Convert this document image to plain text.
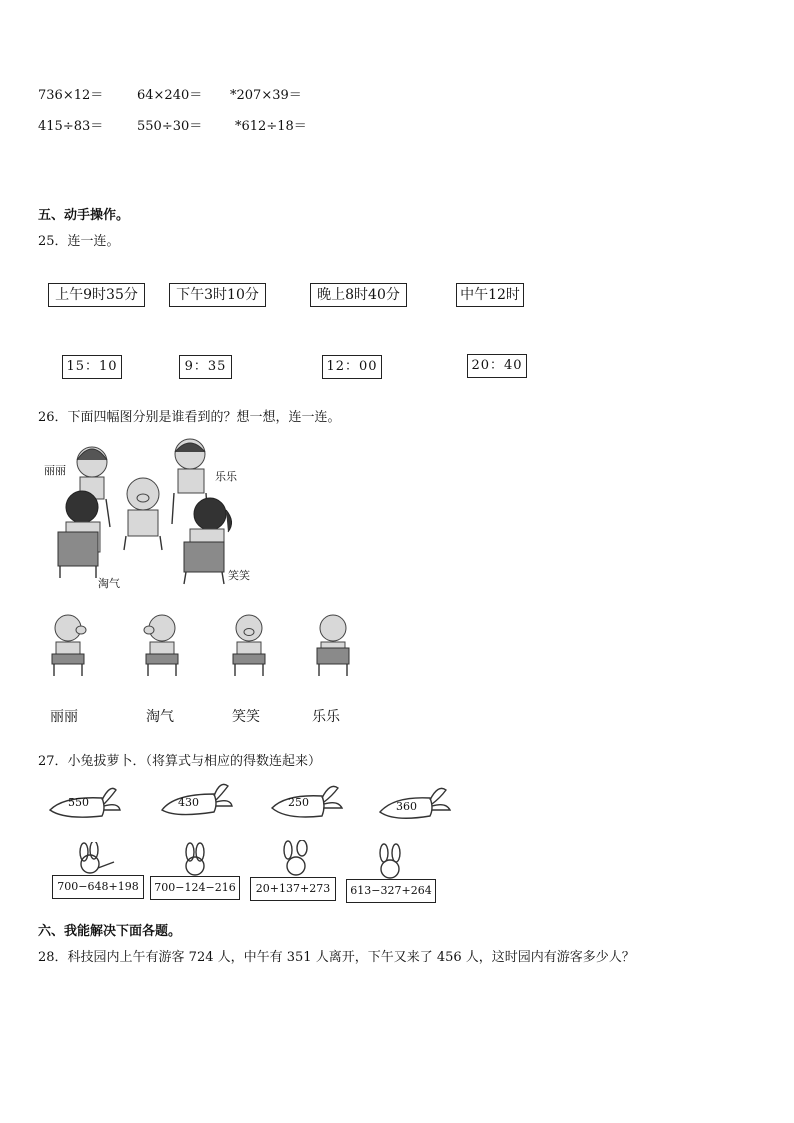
736×12＝	64×240＝ *207×39＝
415÷83＝	550÷30＝	*612÷18＝
五、动手操作。
25．连一连。
上午9时35分	下午3时10分	晚上8时40分	中午12时
15：10	9：35	12：00	20：40
26．下面四幅图分别是谁看到的？想一想，连一连。
丽丽	乐乐
淘气
笑笑
丽丽	淘气	笑笑	乐乐
27．小兔拔萝卜．（将算式与相应的得数连起来）
550	430	250	360
700−648+198	700−124−216	20+137+273	613−327+264
六、我能解决下面各题。
28．科技园内上午有游客 724 人，中午有 351 人离开，下午又来了 456 人，这时园内有游客多少人？
